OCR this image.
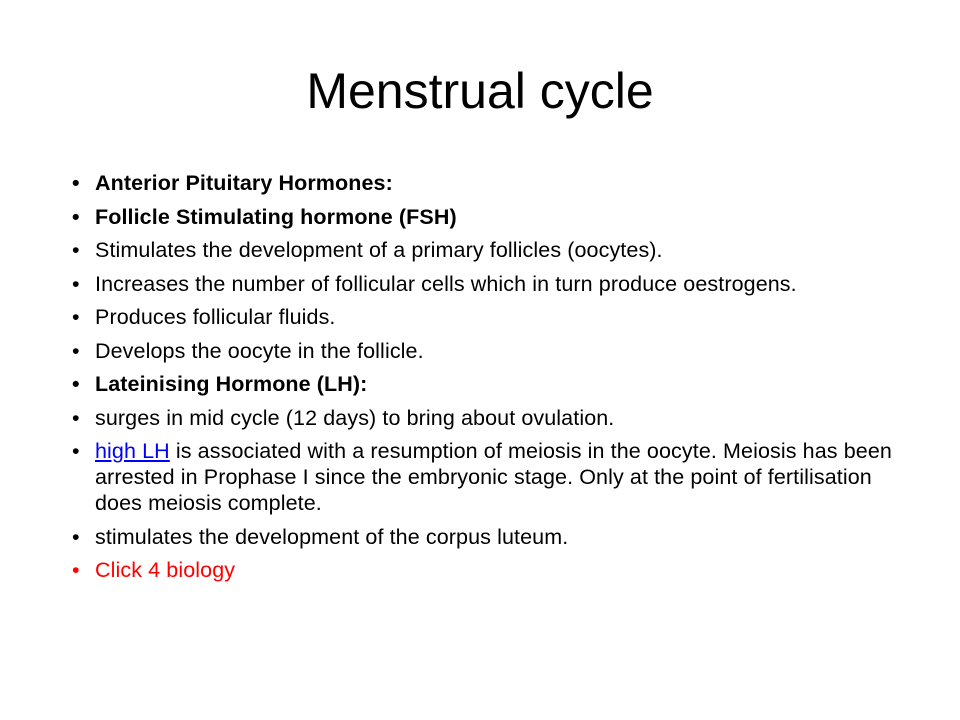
Menstrual cycle
• Anterior Pituitary Hormones:
• Follicle Stimulating hormone (FSH)
• Stimulates the development of a primary follicles (oocytes).
• Increases the number of follicular cells which in turn produce oestrogens.
• Produces follicular fluids.
• Develops the oocyte in the follicle.
• Lateinising Hormone (LH):
• surges in mid cycle (12 days) to bring about ovulation.
• high LH is associated with a resumption of meiosis in the oocyte. Meiosis has been arrested in Prophase I since the embryonic stage. Only at the point of fertilisation does meiosis complete.
• stimulates the development of the corpus luteum.
• Click 4 biology
